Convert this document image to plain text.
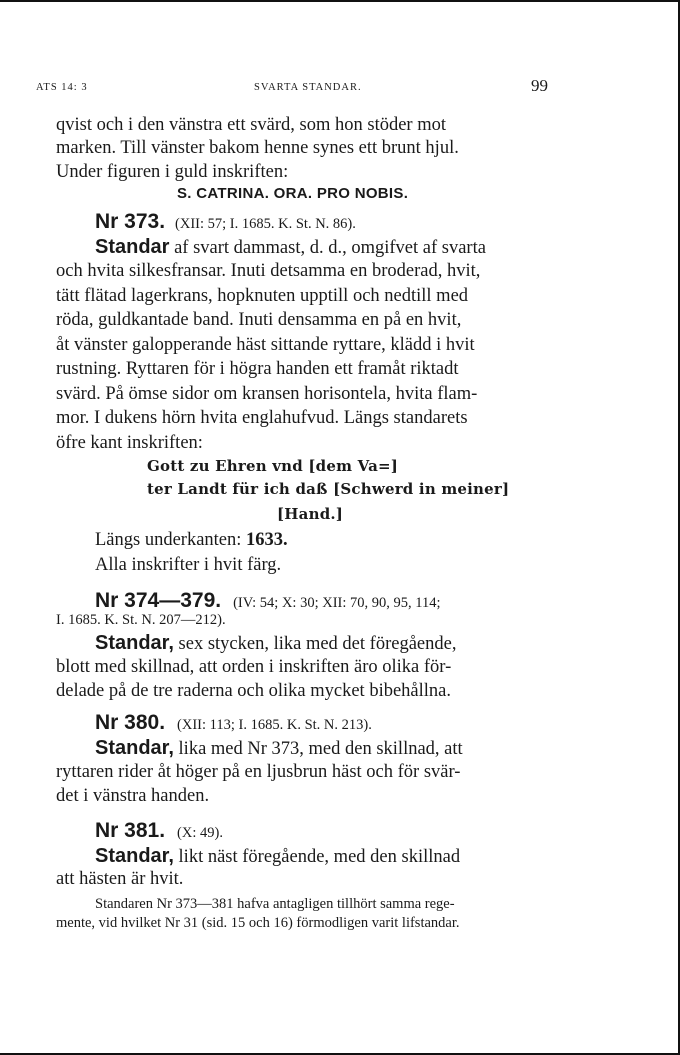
ATS 14: 3	SVARTA STANDAR.	99
qvist och i den vänstra ett svärd, som hon stöder mot
marken. Till vänster bakom henne synes ett brunt hjul.
Under figuren i guld inskriften:
S. CATRINA. ORA. PRO NOBIS.
Nr 373. (XII: 57; I. 1685. K. St. N. 86).
Standar af svart dammast, d. d., omgifvet af svarta
och hvita silkesfransar. Inuti detsamma en broderad, hvit,
tätt flätad lagerkrans, hopknuten upptill och nedtill med
röda, guldkantade band. Inuti densamma en på en hvit,
åt vänster galopperande häst sittande ryttare, klädd i hvit
rustning. Ryttaren för i högra handen ett framåt riktadt
svärd. På ömse sidor om kransen horisontela, hvita flam-
mor. I dukens hörn hvita englahufvud. Längs standarets
öfre kant inskriften:
Gott zu Ehren vnd [dem Va=]
ter Landt für ich daß [Schwerd in meiner]
[Hand.]
Längs underkanten: 1633.
Alla inskrifter i hvit färg.
Nr 374—379. (IV: 54; X: 30; XII: 70, 90, 95, 114;
I. 1685. K. St. N. 207—212).
Standar, sex stycken, lika med det föregående,
blott med skillnad, att orden i inskriften äro olika för-
delade på de tre raderna och olika mycket bibehållna.
Nr 380. (XII: 113; I. 1685. K. St. N. 213).
Standar, lika med Nr 373, med den skillnad, att
ryttaren rider åt höger på en ljusbrun häst och för svär-
det i vänstra handen.
Nr 381. (X: 49).
Standar, likt näst föregående, med den skillnad
att hästen är hvit.
Standaren Nr 373—381 hafva antagligen tillhört samma rege-
mente, vid hvilket Nr 31 (sid. 15 och 16) förmodligen varit lifstandar.
